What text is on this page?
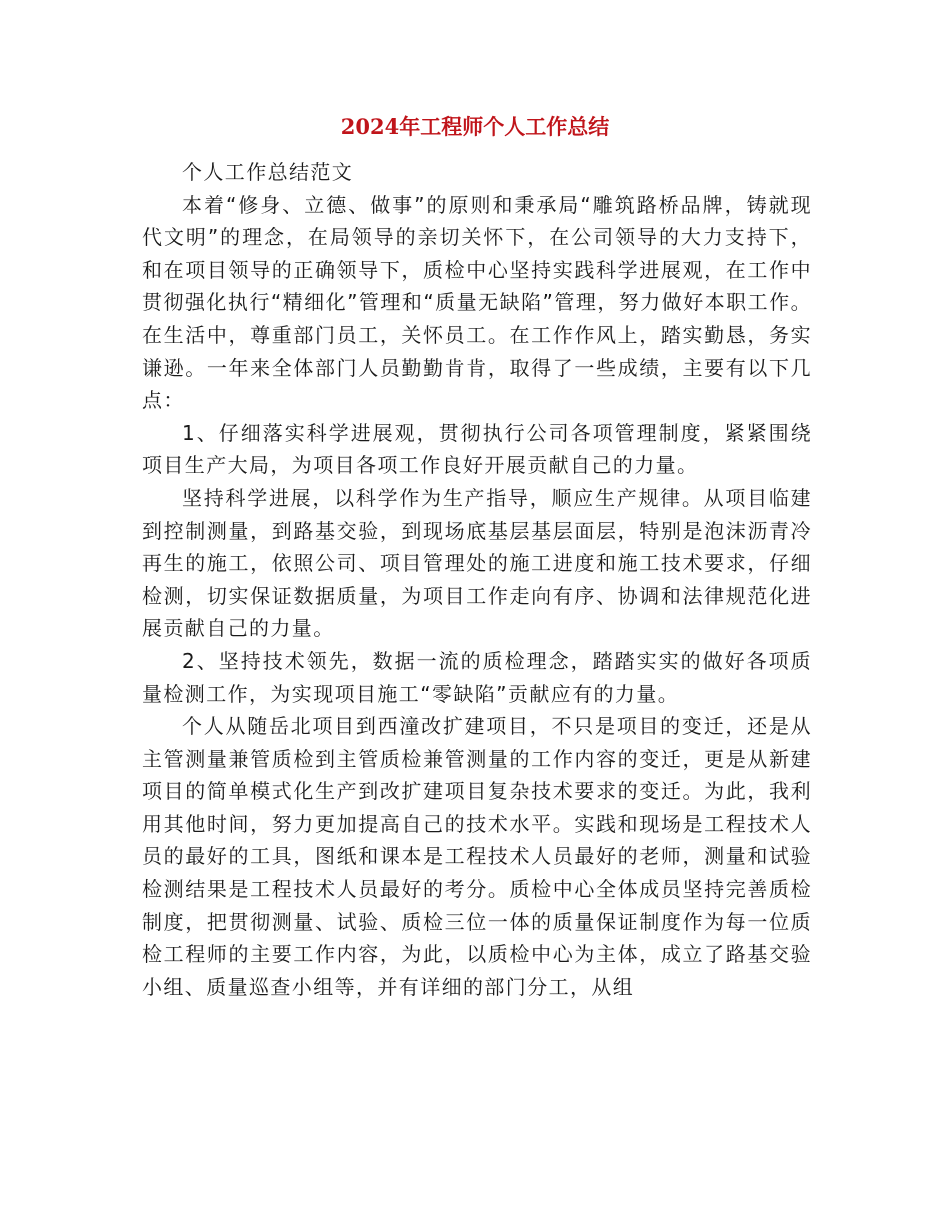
2024年工程师个人工作总结

个人工作总结范文

本着“修身、立德、做事”的原则和秉承局“雕筑路桥品牌，铸就现代文明”的理念，在局领导的亲切关怀下，在公司领导的大力支持下，和在项目领导的正确领导下，质检中心坚持实践科学进展观，在工作中贯彻强化执行“精细化”管理和“质量无缺陷”管理，努力做好本职工作。在生活中，尊重部门员工，关怀员工。在工作作风上，踏实勤恳，务实谦逊。一年来全体部门人员勤勤肯肯，取得了一些成绩，主要有以下几点：

1、仔细落实科学进展观，贯彻执行公司各项管理制度，紧紧围绕项目生产大局，为项目各项工作良好开展贡献自己的力量。

坚持科学进展，以科学作为生产指导，顺应生产规律。从项目临建到控制测量，到路基交验，到现场底基层基层面层，特别是泡沫沥青冷再生的施工，依照公司、项目管理处的施工进度和施工技术要求，仔细检测，切实保证数据质量，为项目工作走向有序、协调和法律规范化进展贡献自己的力量。

2、坚持技术领先，数据一流的质检理念，踏踏实实的做好各项质量检测工作，为实现项目施工“零缺陷”贡献应有的力量。

个人从随岳北项目到西潼改扩建项目，不只是项目的变迁，还是从主管测量兼管质检到主管质检兼管测量的工作内容的变迁，更是从新建项目的简单模式化生产到改扩建项目复杂技术要求的变迁。为此，我利用其他时间，努力更加提高自己的技术水平。实践和现场是工程技术人员的最好的工具，图纸和课本是工程技术人员最好的老师，测量和试验检测结果是工程技术人员最好的考分。质检中心全体成员坚持完善质检制度，把贯彻测量、试验、质检三位一体的质量保证制度作为每一位质检工程师的主要工作内容，为此，以质检中心为主体，成立了路基交验小组、质量巡查小组等，并有详细的部门分工，从组
